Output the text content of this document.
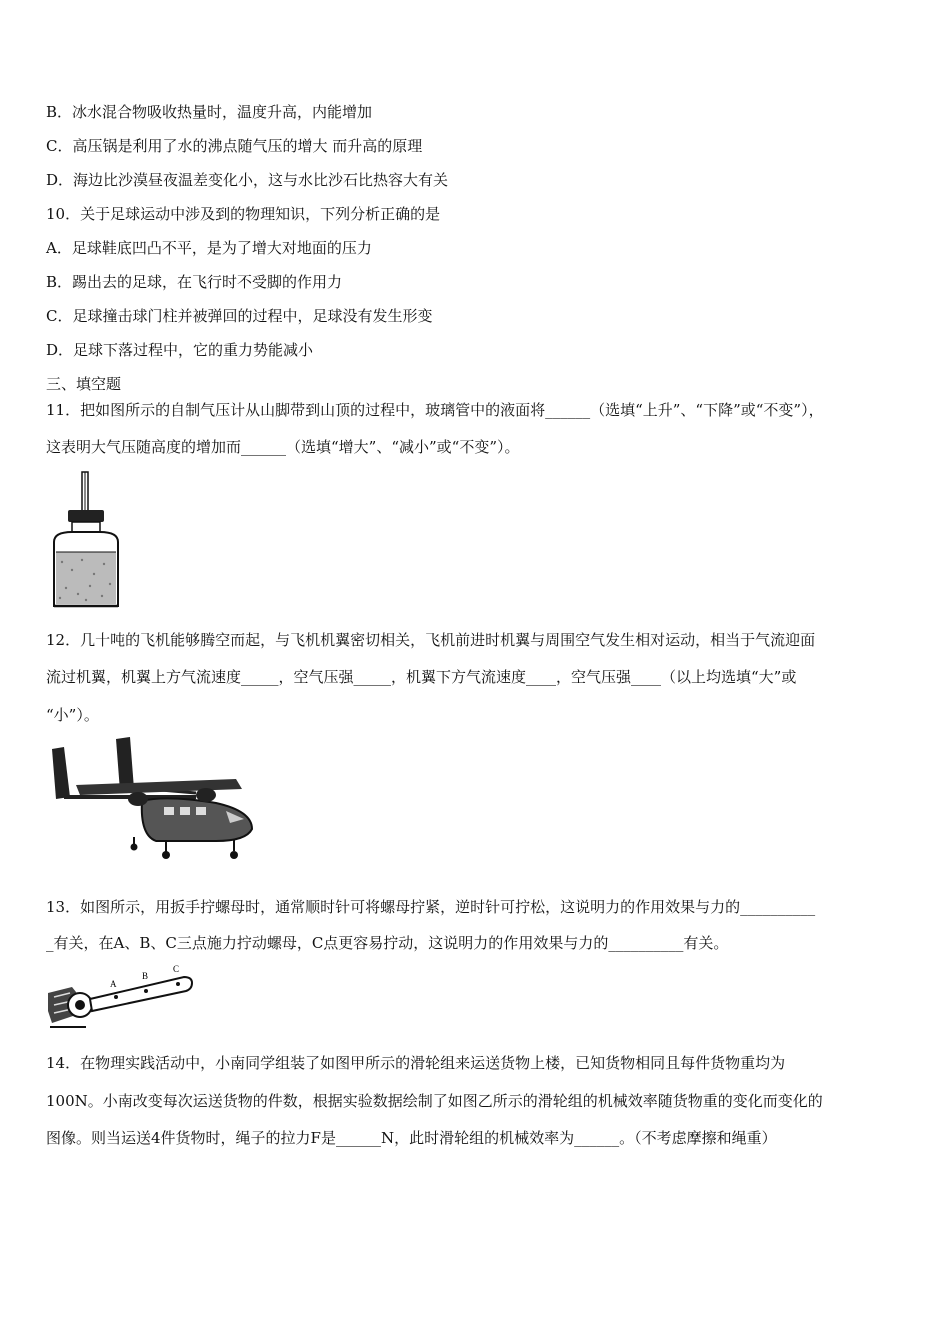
B．冰水混合物吸收热量时，温度升高，内能增加
C．高压锅是利用了水的沸点随气压的增大 而升高的原理
D．海边比沙漠昼夜温差变化小，这与水比沙石比热容大有关
10．关于足球运动中涉及到的物理知识，下列分析正确的是
A．足球鞋底凹凸不平，是为了增大对地面的压力
B．踢出去的足球，在飞行时不受脚的作用力
C．足球撞击球门柱并被弹回的过程中，足球没有发生形变
D．足球下落过程中，它的重力势能减小
三、填空题
11．把如图所示的自制气压计从山脚带到山顶的过程中，玻璃管中的液面将______（选填“上升”、“下降”或“不变”），
这表明大气压随高度的增加而______（选填“增大”、“减小”或“不变”）。
12．几十吨的飞机能够腾空而起，与飞机机翼密切相关，飞机前进时机翼与周围空气发生相对运动，相当于气流迎面
流过机翼，机翼上方气流速度_____，空气压强_____，机翼下方气流速度____，空气压强____（以上均选填“大”或
“小”）。
13．如图所示，用扳手拧螺母时，通常顺时针可将螺母拧紧，逆时针可拧松，这说明力的作用效果与力的__________
_有关，在A、B、C三点施力拧动螺母，C点更容易拧动，这说明力的作用效果与力的__________有关。
A
B
C
14．在物理实践活动中，小南同学组装了如图甲所示的滑轮组来运送货物上楼，已知货物相同且每件货物重均为
100N。小南改变每次运送货物的件数，根据实验数据绘制了如图乙所示的滑轮组的机械效率随货物重的变化而变化的
图像。则当运送4件货物时，绳子的拉力F是______N，此时滑轮组的机械效率为______。（不考虑摩擦和绳重）
